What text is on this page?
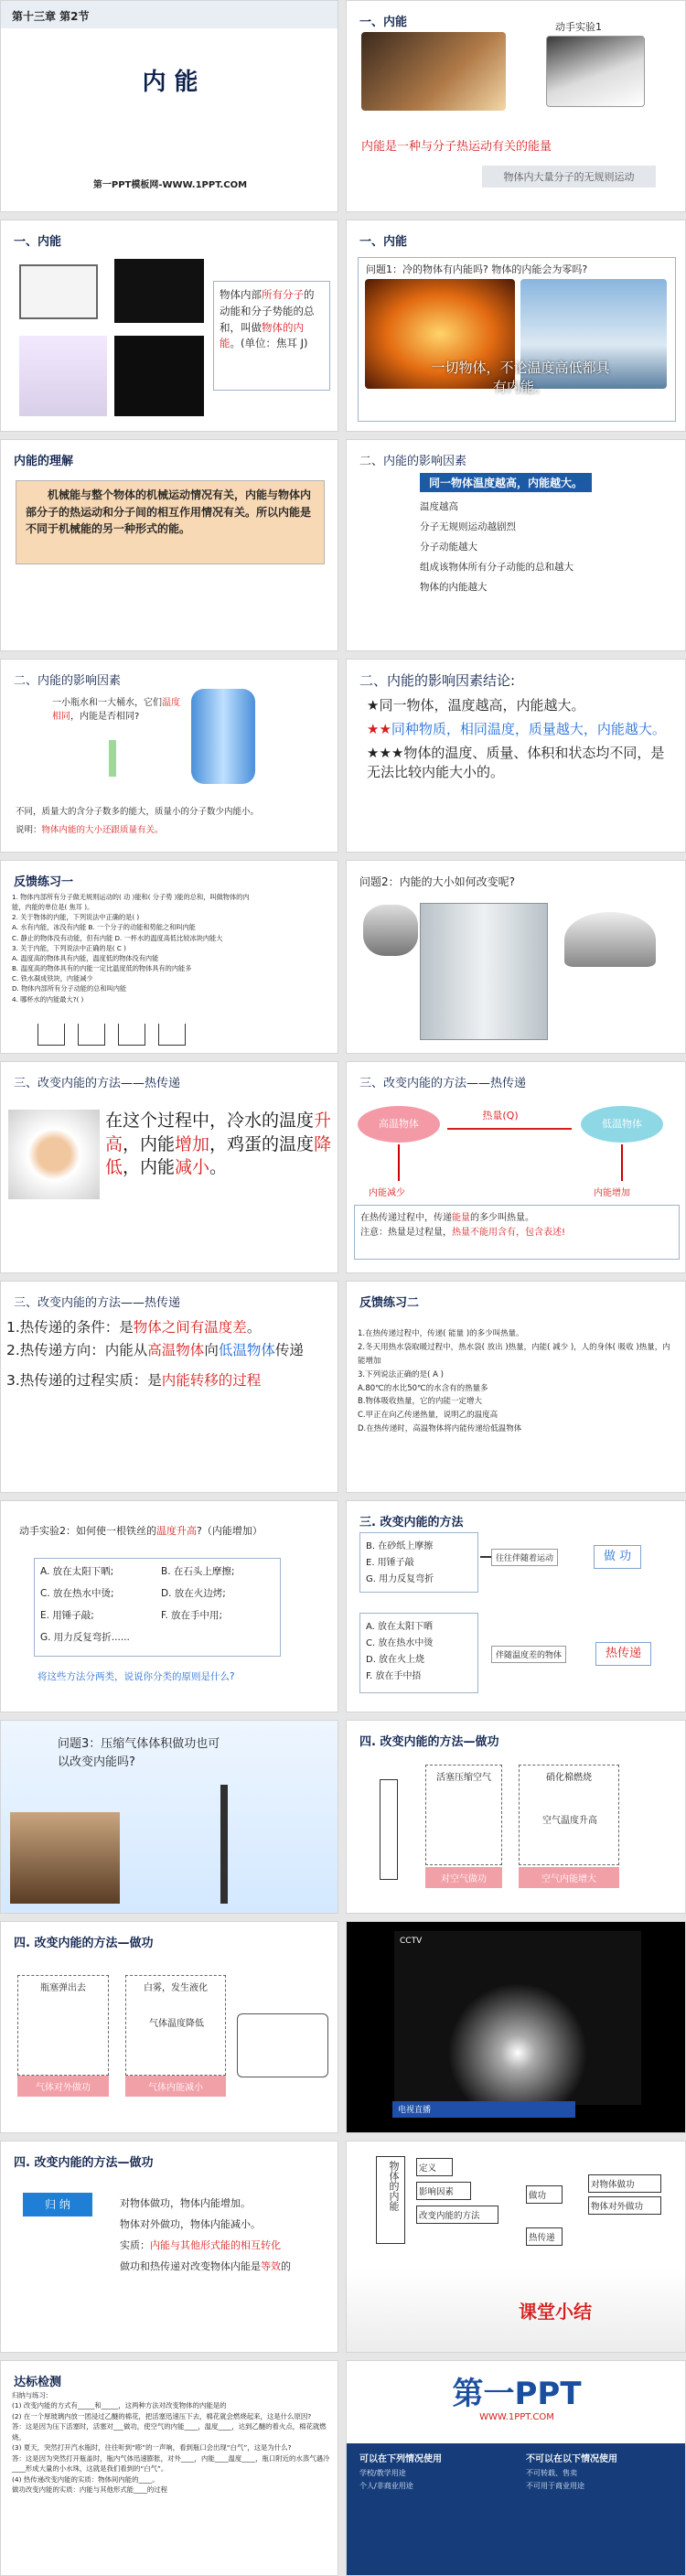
第十三章 第2节
内 能
第一PPT模板网-WWW.1PPT.COM
一、内能	动手实验1
内能是一种与分子热运动有关的能量
物体内大量分子的无规则运动
一、内能
物体内部所有分子的动能和分子势能的总和，叫做物体的内能。(单位：焦耳 J)
一、内能
问题1：冷的物体有内能吗? 物体的内能会为零吗?
一切物体，不论温度高低都具有内能。
内能的理解
机械能与整个物体的机械运动情况有关，内能与物体内部分子的热运动和分子间的相互作用情况有关。所以内能是不同于机械能的另一种形式的能。
二、内能的影响因素
同一物体温度越高，内能越大。
温度越高
分子无规则运动越剧烈
分子动能越大
组成该物体所有分子动能的总和越大
物体的内能越大
二、内能的影响因素
一小瓶水和一大桶水，它们温度相同，内能是否相同?
不同，质量大的含分子数多的能大，质量小的分子数少内能小。
说明：物体内能的大小还跟质量有关。
二、内能的影响因素结论:
★同一物体，温度越高，内能越大。
★★同种物质，相同温度，质量越大，内能越大。
★★★物体的温度、质量、体积和状态均不同，是无法比较内能大小的。
反馈练习一
1. 物体内部所有分子做无规则运动的( 动 )能和( 分子势 )能的总和，叫做物体的内
能，内能的单位是( 焦耳 )。
2. 关于物体的内能，下列说法中正确的是( )
A. 水有内能，冰没有内能 B. 一个分子的动能和势能之和叫内能
C. 静止的物体没有动能，但有内能 D. 一杯水的温度高低比较冰块内能大
3. 关于内能，下列说法中正确的是( C )
A. 温度高的物体具有内能，温度低的物体没有内能
B. 温度高的物体具有的内能一定比温度低的物体具有的内能多
C. 铁水凝成铁块，内能减少
D. 物体内部所有分子动能的总和叫内能
4. 哪杯水的内能最大?( )
问题2：内能的大小如何改变呢?
三、改变内能的方法——热传递
在这个过程中，冷水的温度升高，内能增加，鸡蛋的温度降低，内能减小。
三、改变内能的方法——热传递
高温物体	低温物体
热量(Q)
内能减少	内能增加
在热传递过程中，传递能量的多少叫热量。
注意：热量是过程量，热量不能用含有，包含表述!
三、改变内能的方法——热传递
1.热传递的条件：是物体之间有温度差。
2.热传递方向：内能从高温物体向低温物体传递
3.热传递的过程实质：是内能转移的过程
反馈练习二
1.在热传递过程中，传递( 能量 )的多少叫热量。
2.冬天用热水袋取暖过程中，热水袋( 放出 )热量，内能( 减少 )，人的身体( 吸收 )热量，内能增加
3.下列说法正确的是( A )
A.80℃的水比50℃的水含有的热量多
B.物体吸收热量，它的内能一定增大
C.甲正在向乙传递热量，说明乙的温度高
D.在热传递时，高温物体将内能传递给低温物体
动手实验2：如何使一根铁丝的温度升高?（内能增加）
A. 放在太阳下晒;	B. 在石头上摩擦;
C. 放在热水中烫;	D. 放在火边烤;
E. 用锤子敲;	F. 放在手中用;
G. 用力反复弯折......
将这些方法分两类，说说你分类的原则是什么?
三. 改变内能的方法
B. 在砂纸上摩擦
E. 用锤子敲
G. 用力反复弯折
往往伴随着运动	做 功
A. 放在太阳下晒
C. 放在热水中烫
D. 放在火上烧
F. 放在手中捂
伴随温度差的物体	热传递
问题3：压缩气体体积做功也可以改变内能吗?
四. 改变内能的方法—做功
活塞压缩空气	硝化棉燃烧
空气温度升高
对空气做功	空气内能增大
四. 改变内能的方法—做功
瓶塞弹出去	白雾，发生液化
气体温度降低
气体对外做功	气体内能减小
CCTV
电视直播
四. 改变内能的方法—做功
归 纳	对物体做功，物体内能增加。
物体对外做功，物体内能减小。
实质：内能与其他形式能的相互转化
做功和热传递对改变物体内能是等效的
物体的内能	定义
影响因素
改变内能的方法
做功
热传递
对物体做功
物体对外做功
课堂小结
达标检测
归纳与练习:
(1) 改变内能的方式有_____和_____，这两种方法对改变物体的内能是的
(2) 在一个厚玻璃内放一团浸过乙醚的棉花，把活塞迅速压下去，棉花就会燃烧起来，这是什么原因?
答：这是因为压下活塞时，活塞对___做功，使空气的内能____，温度____，达到乙醚的着火点，棉花就燃烧。
(3) 夏天，突然打开汽水瓶时，往往听到“嘭”的一声响，看到瓶口会出现“白气”，这是为什么?
答：这是因为突然打开瓶盖时，瓶内气体迅速膨胀，对外____，内能____温度____，瓶口附近的水蒸气遇冷____形成大量的小水珠，这就是我们看到的“白气”。
(4) 热传递改变内能的实质：物体间内能的____。
做功改变内能的实质：内能与其他形式能____的过程
第一PPT
WWW.1PPT.COM
可以在下列情况使用	不可以在以下情况使用
学校/教学用途
个人/非商业用途
不可转载、售卖
不可用于商业用途
